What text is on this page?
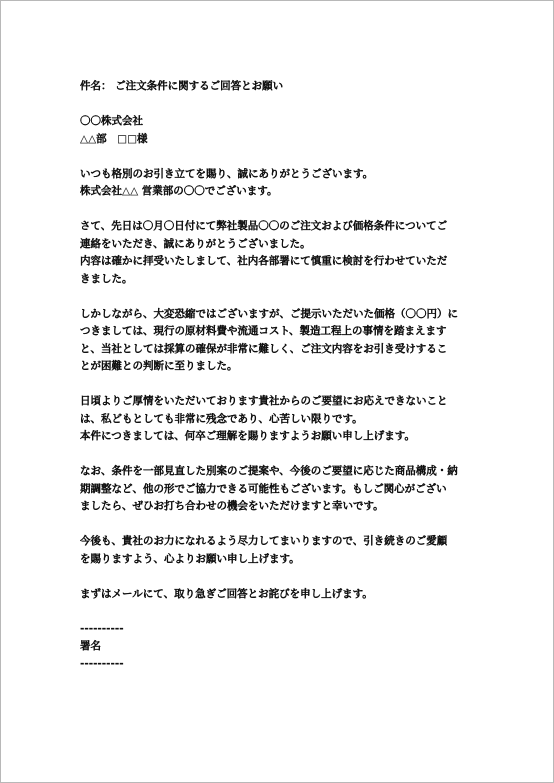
件名： ご注文条件に関するご回答とお願い
〇〇株式会社
△△部　□□様
いつも格別のお引き立てを賜り、誠にありがとうございます。
株式会社△△ 営業部の〇〇でございます。
さて、先日は〇月〇日付にて弊社製品〇〇のご注文および価格条件についてご
連絡をいただき、誠にありがとうございました。
内容は確かに拝受いたしまして、社内各部署にて慎重に検討を行わせていただ
きました。
しかしながら、大変恐縮ではございますが、ご提示いただいた価格（〇〇円）に
つきましては、現行の原材料費や流通コスト、製造工程上の事情を踏まえます
と、当社としては採算の確保が非常に難しく、ご注文内容をお引き受けするこ
とが困難との判断に至りました。
日頃よりご厚情をいただいております貴社からのご要望にお応えできないこと
は、私どもとしても非常に残念であり、心苦しい限りです。
本件につきましては、何卒ご理解を賜りますようお願い申し上げます。
なお、条件を一部見直した別案のご提案や、今後のご要望に応じた商品構成・納
期調整など、他の形でご協力できる可能性もございます。もしご関心がござい
ましたら、ぜひお打ち合わせの機会をいただけますと幸いです。
今後も、貴社のお力になれるよう尽力してまいりますので、引き続きのご愛顧
を賜りますよう、心よりお願い申し上げます。
まずはメールにて、取り急ぎご回答とお詫びを申し上げます。
----------
署名
----------
